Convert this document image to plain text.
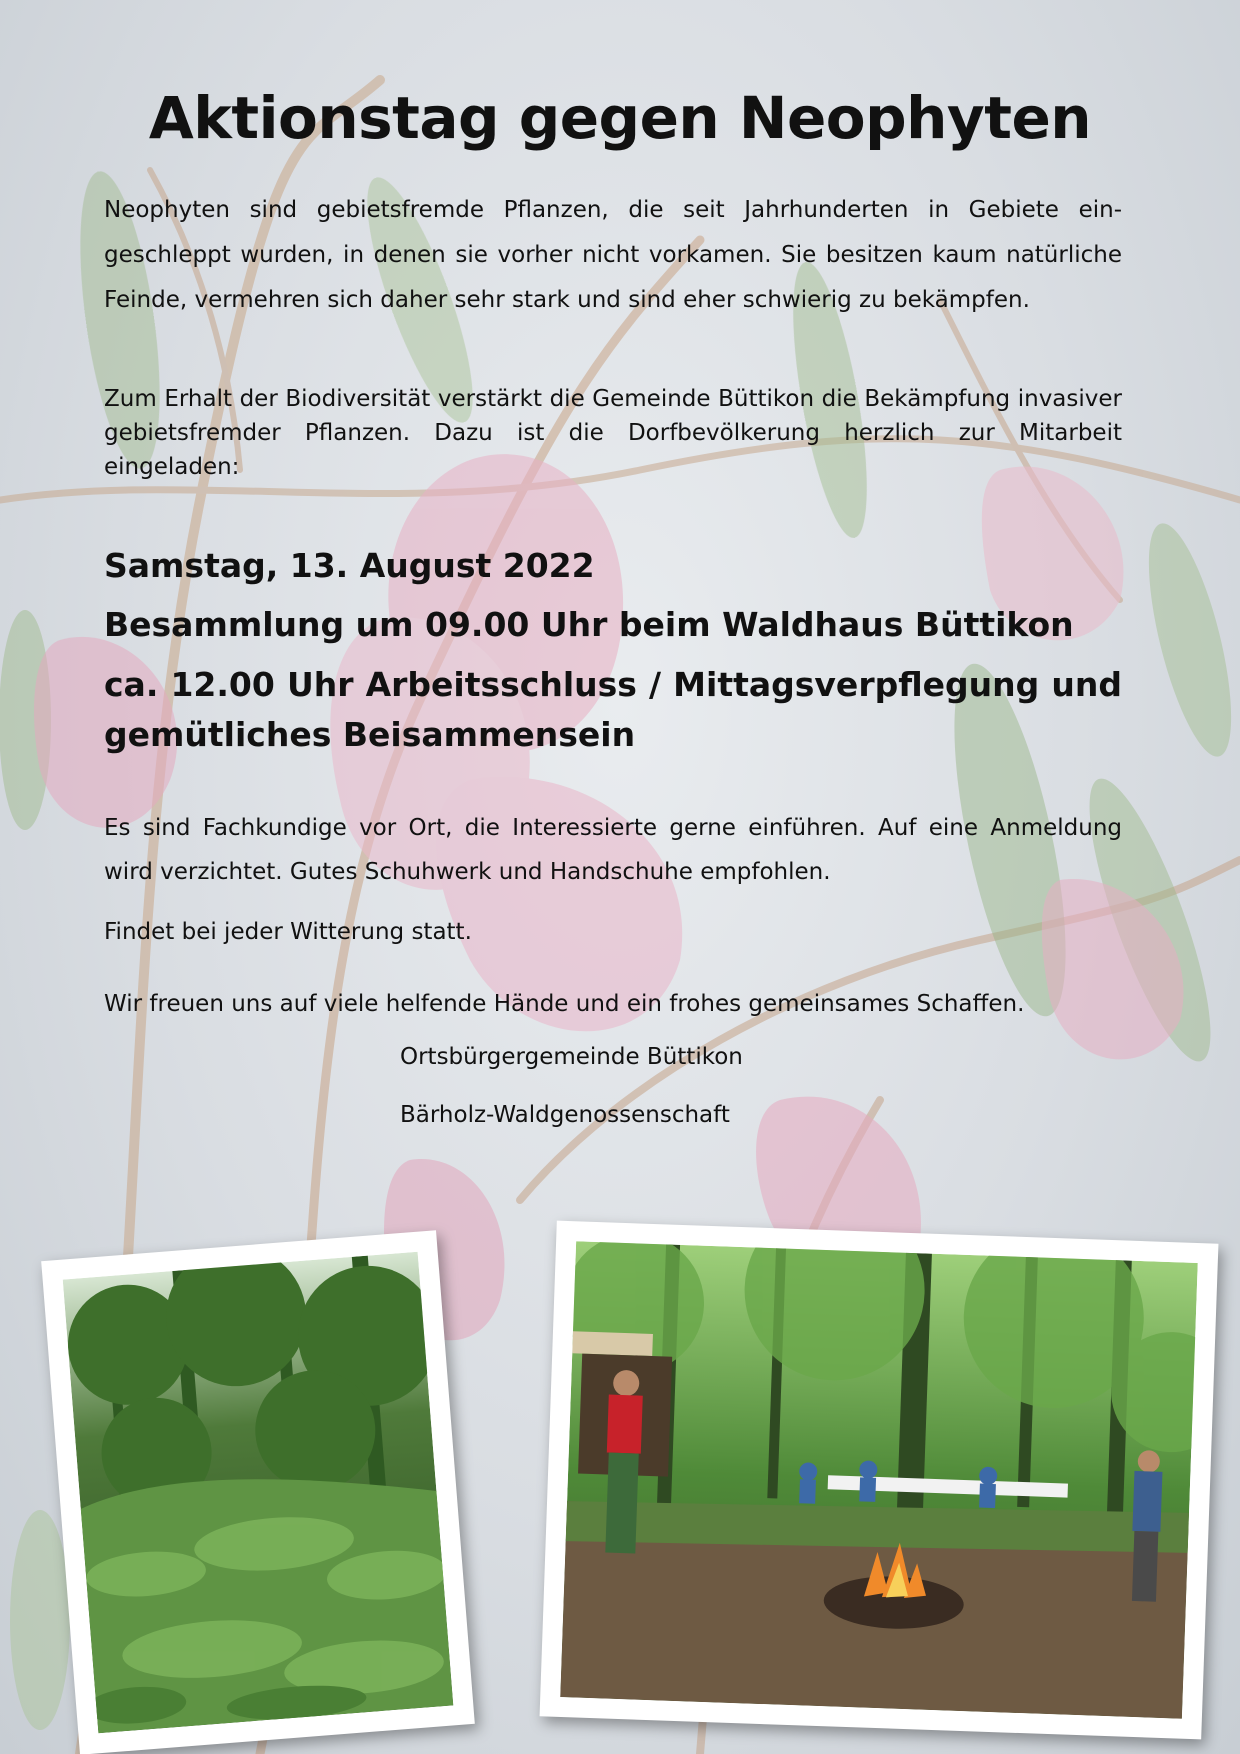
Aktionstag gegen Neophyten

Neophyten sind gebietsfremde Pflanzen, die seit Jahrhunderten in Gebiete eingeschleppt wurden, in denen sie vorher nicht vorkamen. Sie besitzen kaum natürliche Feinde, vermehren sich daher sehr stark und sind eher schwierig zu bekämpfen.

Zum Erhalt der Biodiversität verstärkt die Gemeinde Büttikon die Bekämpfung invasiver gebietsfremder Pflanzen. Dazu ist die Dorfbevölkerung herzlich zur Mitarbeit eingeladen:

Samstag, 13. August 2022

Besammlung um 09.00 Uhr beim Waldhaus Büttikon

ca. 12.00 Uhr Arbeitsschluss / Mittagsverpflegung und gemütliches Beisammensein

Es sind Fachkundige vor Ort, die Interessierte gerne einführen. Auf eine Anmeldung wird verzichtet. Gutes Schuhwerk und Handschuhe empfohlen.

Findet bei jeder Witterung statt.

Wir freuen uns auf viele helfende Hände und ein frohes gemeinsames Schaffen.

Ortsbürgergemeinde Büttikon

Bärholz-Waldgenossenschaft
